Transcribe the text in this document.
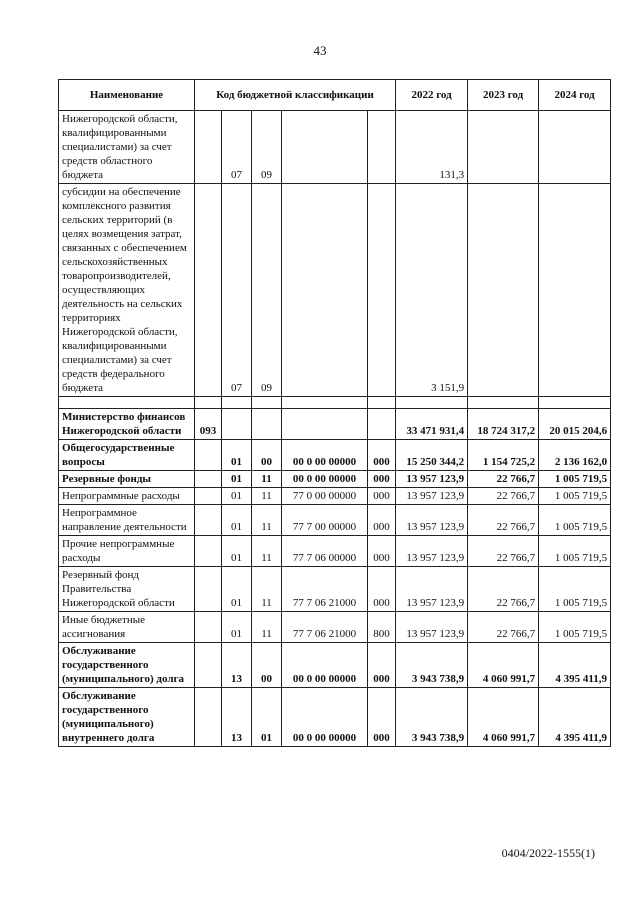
43
Наименование	Код бюджетной классификации					2022 год	2023 год	2024 год
Нижегородской области, квалифицированными специалистами) за счет средств областного бюджета		07	09			131,3		
субсидии на обеспечение комплексного развития сельских территорий (в целях возмещения затрат, связанных с обеспечением сельскохозяйственных товаропроизводителей, осуществляющих деятельность на сельских территориях Нижегородской области, квалифицированными специалистами) за счет средств федерального бюджета		07	09			3 151,9		

Министерство финансов Нижегородской области	093					33 471 931,4	18 724 317,2	20 015 204,6
Общегосударственные вопросы		01	00	00 0 00 00000	000	15 250 344,2	1 154 725,2	2 136 162,0
Резервные фонды		01	11	00 0 00 00000	000	13 957 123,9	22 766,7	1 005 719,5
Непрограммные расходы		01	11	77 0 00 00000	000	13 957 123,9	22 766,7	1 005 719,5
Непрограммное направление деятельности		01	11	77 7 00 00000	000	13 957 123,9	22 766,7	1 005 719,5
Прочие непрограммные расходы		01	11	77 7 06 00000	000	13 957 123,9	22 766,7	1 005 719,5
Резервный фонд Правительства Нижегородской области		01	11	77 7 06 21000	000	13 957 123,9	22 766,7	1 005 719,5
Иные бюджетные ассигнования		01	11	77 7 06 21000	800	13 957 123,9	22 766,7	1 005 719,5
Обслуживание государственного (муниципального) долга		13	00	00 0 00 00000	000	3 943 738,9	4 060 991,7	4 395 411,9
Обслуживание государственного (муниципального) внутреннего долга		13	01	00 0 00 00000	000	3 943 738,9	4 060 991,7	4 395 411,9
0404/2022-1555(1)
